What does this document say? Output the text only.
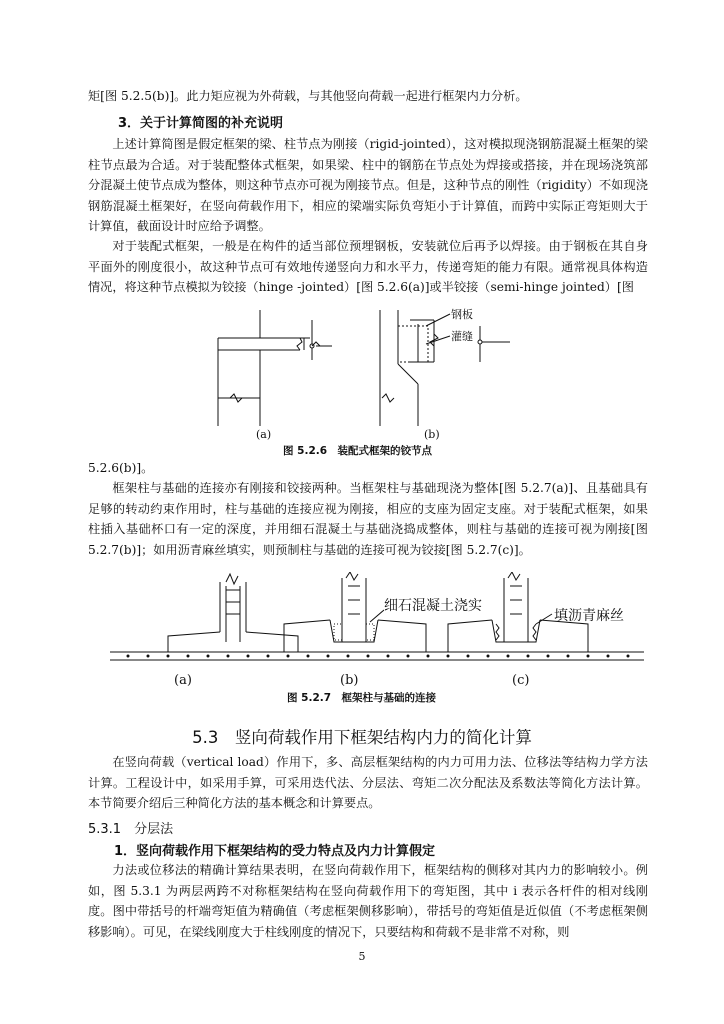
矩[图 5.2.5(b)]。此力矩应视为外荷载，与其他竖向荷载一起进行框架内力分析。

3．关于计算简图的补充说明

上述计算简图是假定框架的梁、柱节点为刚接（rigid-jointed），这对模拟现浇钢筋混凝土框架的梁柱节点最为合适。对于装配整体式框架，如果梁、柱中的钢筋在节点处为焊接或搭接，并在现场浇筑部分混凝土使节点成为整体，则这种节点亦可视为刚接节点。但是，这种节点的刚性（rigidity）不如现浇钢筋混凝土框架好，在竖向荷载作用下，相应的梁端实际负弯矩小于计算值，而跨中实际正弯矩则大于计算值，截面设计时应给予调整。

对于装配式框架，一般是在构件的适当部位预埋钢板，安装就位后再予以焊接。由于钢板在其自身平面外的刚度很小，故这种节点可有效地传递竖向力和水平力，传递弯矩的能力有限。通常视具体构造情况，将这种节点模拟为铰接（hinge -jointed）[图 5.2.6(a)]或半铰接（semi-hinge jointed）[图

钢板
灌缝
(a)	(b)

图 5.2.6　装配式框架的铰节点

5.2.6(b)]。

框架柱与基础的连接亦有刚接和铰接两种。当框架柱与基础现浇为整体[图 5.2.7(a)]、且基础具有足够的转动约束作用时，柱与基础的连接应视为刚接，相应的支座为固定支座。对于装配式框架，如果柱插入基础杯口有一定的深度，并用细石混凝土与基础浇捣成整体，则柱与基础的连接可视为刚接[图 5.2.7(b)]；如用沥青麻丝填实，则预制柱与基础的连接可视为铰接[图 5.2.7(c)]。

细石混凝土浇实
填沥青麻丝
(a)	(b)	(c)

图 5.2.7　框架柱与基础的连接

5.3　竖向荷载作用下框架结构内力的简化计算

在竖向荷载（vertical load）作用下，多、高层框架结构的内力可用力法、位移法等结构力学方法计算。工程设计中，如采用手算，可采用迭代法、分层法、弯矩二次分配法及系数法等简化方法计算。本节简要介绍后三种简化方法的基本概念和计算要点。

5.3.1　分层法

1．竖向荷载作用下框架结构的受力特点及内力计算假定

力法或位移法的精确计算结果表明，在竖向荷载作用下，框架结构的侧移对其内力的影响较小。例如，图 5.3.1 为两层两跨不对称框架结构在竖向荷载作用下的弯矩图，其中 i 表示各杆件的相对线刚度。图中带括号的杆端弯矩值为精确值（考虑框架侧移影响），带括号的弯矩值是近似值（不考虑框架侧移影响）。可见，在梁线刚度大于柱线刚度的情况下，只要结构和荷载不是非常不对称，则

5
